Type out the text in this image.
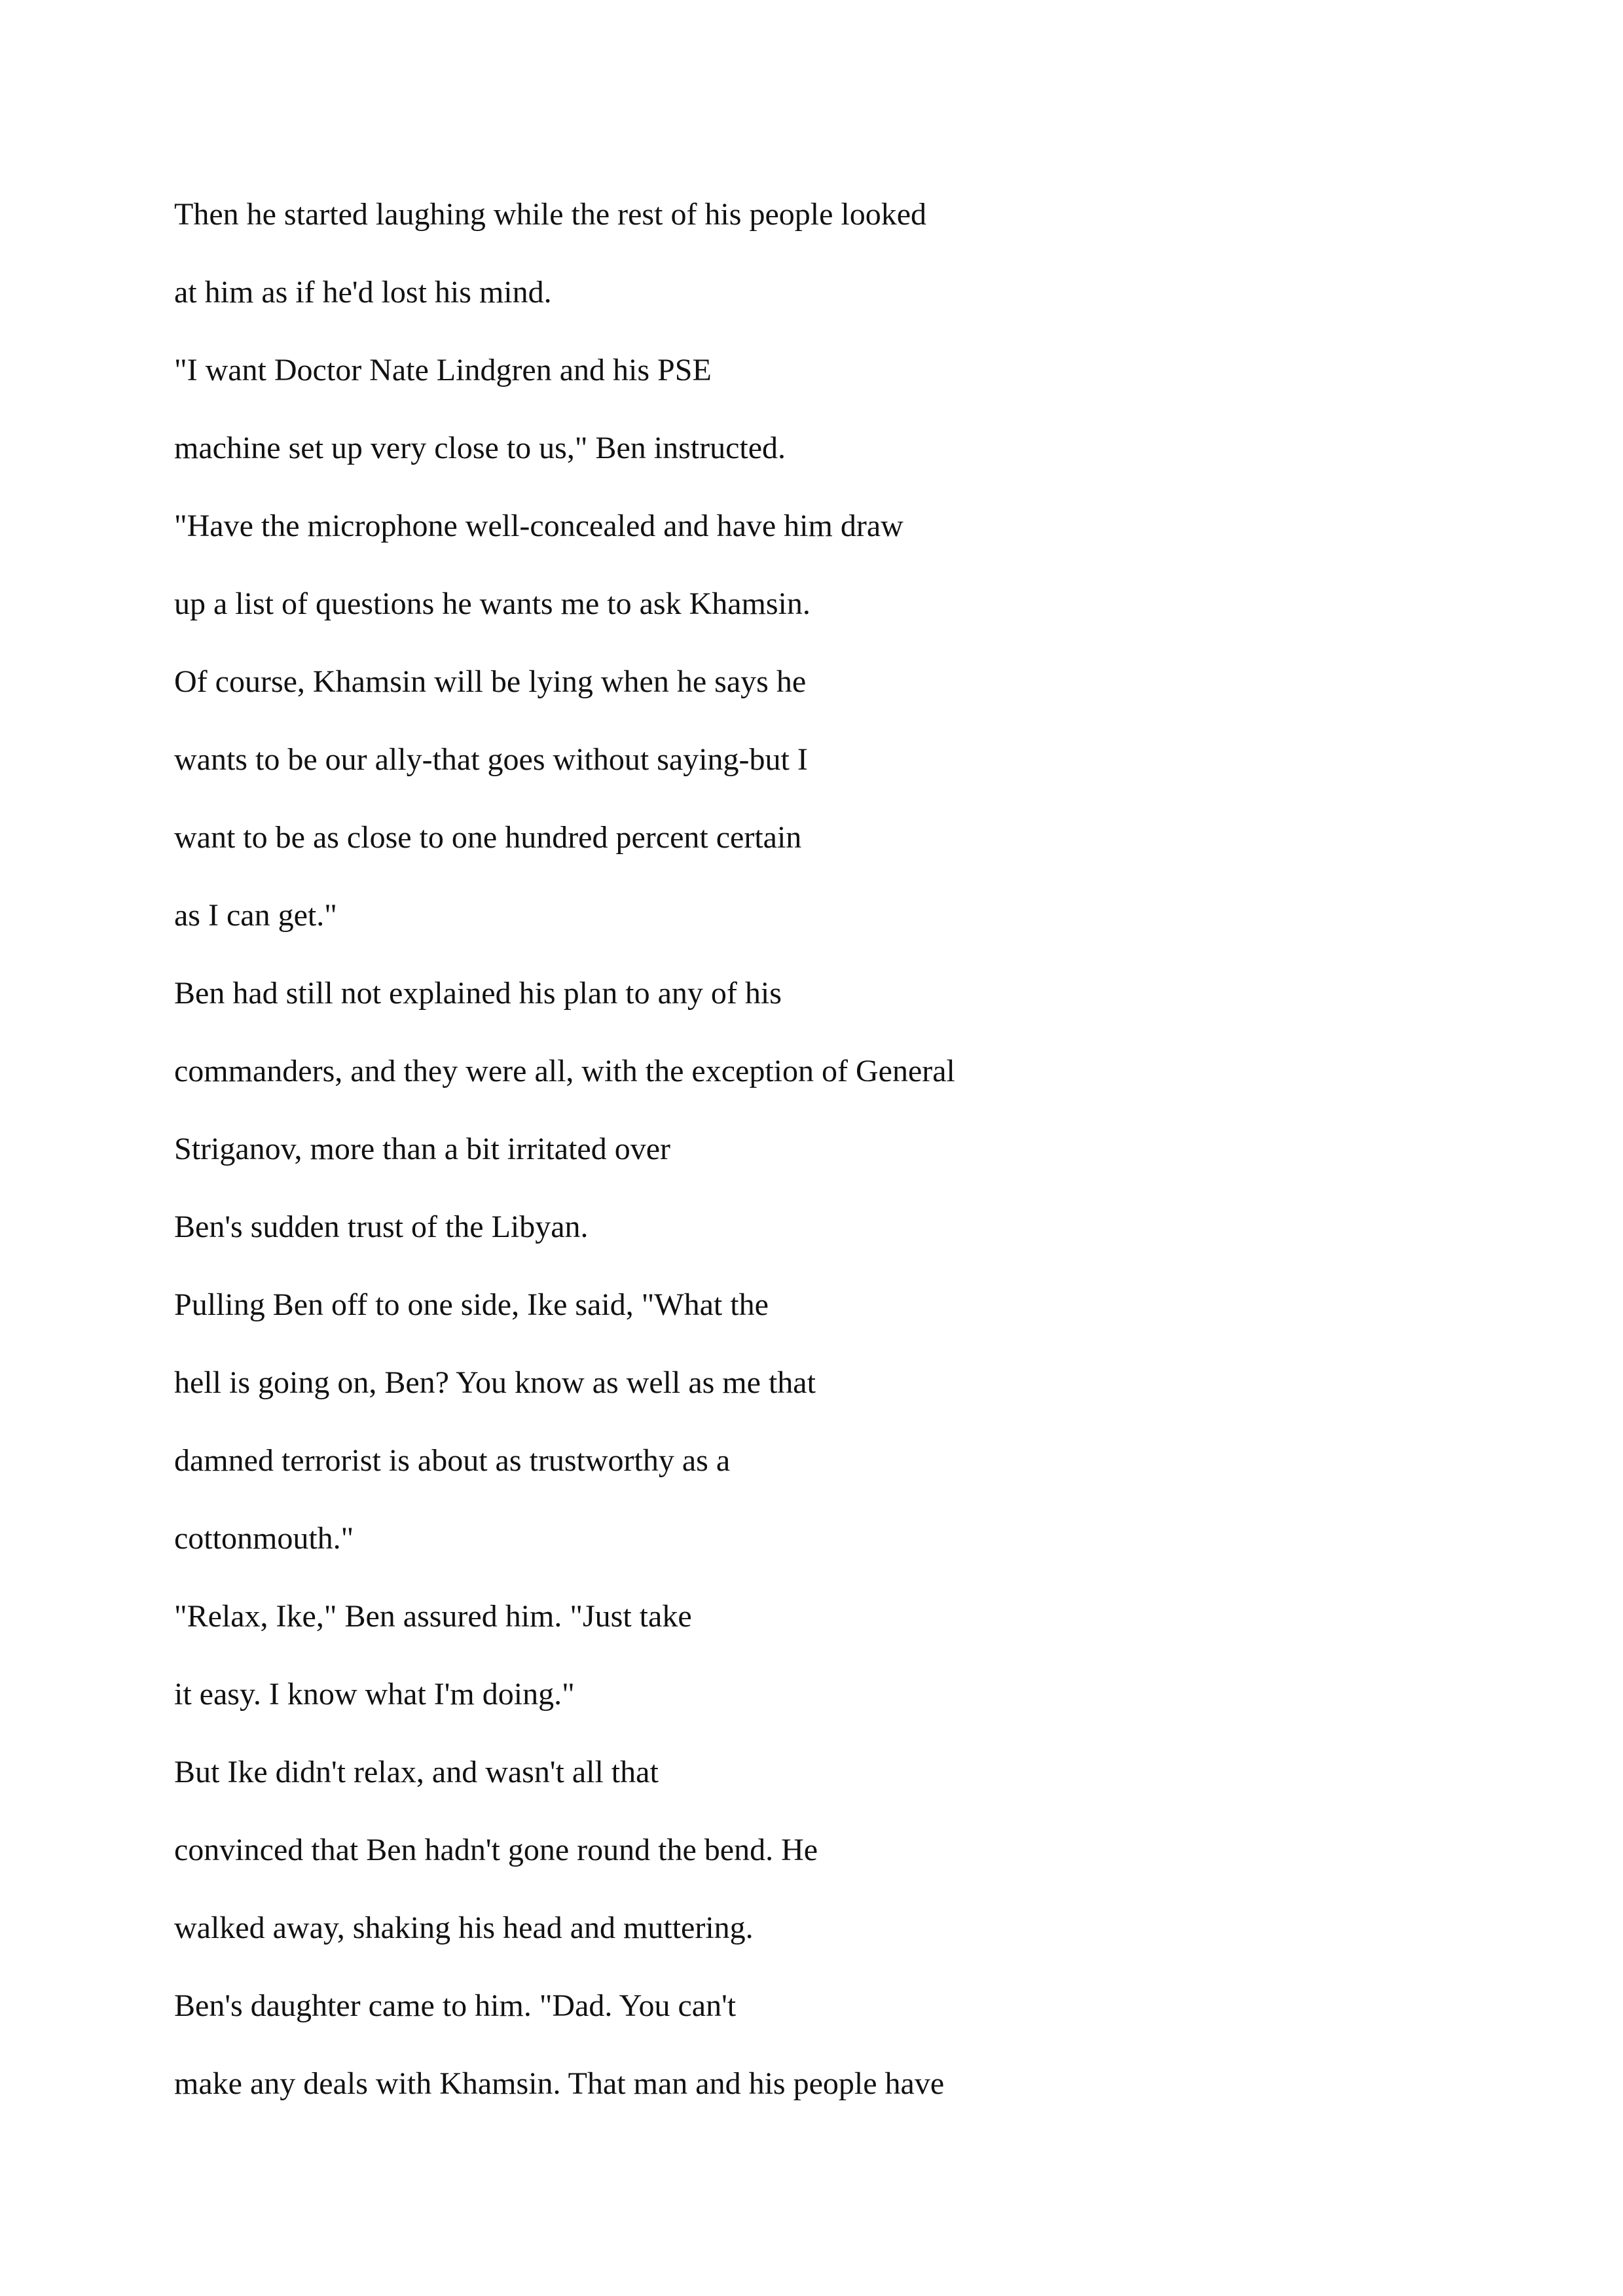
Then he started laughing while the rest of his people looked
at him as if he'd lost his mind.
"I want Doctor Nate Lindgren and his PSE
machine set up very close to us," Ben instructed.
"Have the microphone well-concealed and have him draw
up a list of questions he wants me to ask Khamsin.
Of course, Khamsin will be lying when he says he
wants to be our ally-that goes without saying-but I
want to be as close to one hundred percent certain
as I can get."
Ben had still not explained his plan to any of his
commanders, and they were all, with the exception of General
Striganov, more than a bit irritated over
Ben's sudden trust of the Libyan.
Pulling Ben off to one side, Ike said, "What the
hell is going on, Ben? You know as well as me that
damned terrorist is about as trustworthy as a
cottonmouth."
"Relax, Ike," Ben assured him. "Just take
it easy. I know what I'm doing."
But Ike didn't relax, and wasn't all that
convinced that Ben hadn't gone round the bend. He
walked away, shaking his head and muttering.
Ben's daughter came to him. "Dad. You can't
make any deals with Khamsin. That man and his people have
